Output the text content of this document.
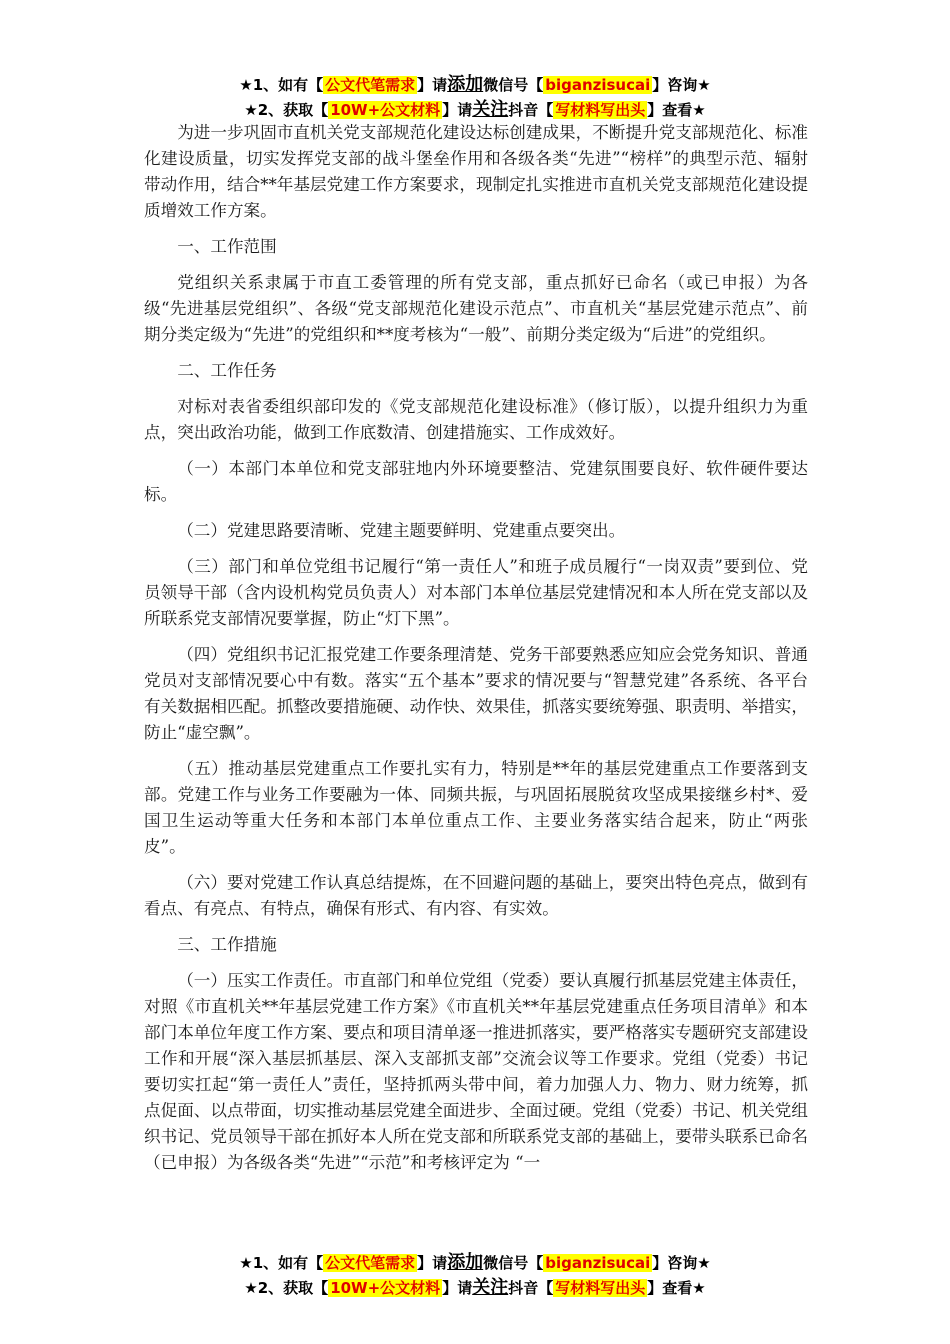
★1、如有【 公文代笔需求 】请添加微信号【 biganzisucai 】咨询★
★2、获取【 10W+公文材料 】请关注抖音【 写材料写出头 】查看★

为进一步巩固市直机关党支部规范化建设达标创建成果，不断提升党支部规范化、标准化建设质量，切实发挥党支部的战斗堡垒作用和各级各类“先进”“榜样”的典型示范、辐射带动作用，结合**年基层党建工作方案要求，现制定扎实推进市直机关党支部规范化建设提质增效工作方案。

一、工作范围

党组织关系隶属于市直工委管理的所有党支部，重点抓好已命名（或已申报）为各级“先进基层党组织”、各级“党支部规范化建设示范点”、市直机关“基层党建示范点”、前期分类定级为“先进”的党组织和**度考核为“一般”、前期分类定级为“后进”的党组织。

二、工作任务

对标对表省委组织部印发的《党支部规范化建设标准》（修订版），以提升组织力为重点，突出政治功能，做到工作底数清、创建措施实、工作成效好。

（一）本部门本单位和党支部驻地内外环境要整洁、党建氛围要良好、软件硬件要达标。

（二）党建思路要清晰、党建主题要鲜明、党建重点要突出。

（三）部门和单位党组书记履行“第一责任人”和班子成员履行“一岗双责”要到位、党员领导干部（含内设机构党员负责人）对本部门本单位基层党建情况和本人所在党支部以及所联系党支部情况要掌握，防止“灯下黑”。

（四）党组织书记汇报党建工作要条理清楚、党务干部要熟悉应知应会党务知识、普通党员对支部情况要心中有数。落实“五个基本”要求的情况要与“智慧党建”各系统、各平台有关数据相匹配。抓整改要措施硬、动作快、效果佳，抓落实要统筹强、职责明、举措实，防止“虚空飘”。

（五）推动基层党建重点工作要扎实有力，特别是**年的基层党建重点工作要落到支部。党建工作与业务工作要融为一体、同频共振，与巩固拓展脱贫攻坚成果接继乡村*、爱国卫生运动等重大任务和本部门本单位重点工作、主要业务落实结合起来，防止“两张皮”。

（六）要对党建工作认真总结提炼，在不回避问题的基础上，要突出特色亮点，做到有看点、有亮点、有特点，确保有形式、有内容、有实效。

三、工作措施

（一）压实工作责任。市直部门和单位党组（党委）要认真履行抓基层党建主体责任，对照《市直机关**年基层党建工作方案》《市直机关**年基层党建重点任务项目清单》和本部门本单位年度工作方案、要点和项目清单逐一推进抓落实，要严格落实专题研究支部建设工作和开展“深入基层抓基层、深入支部抓支部”交流会议等工作要求。党组（党委）书记要切实扛起“第一责任人”责任，坚持抓两头带中间，着力加强人力、物力、财力统筹，抓点促面、以点带面，切实推动基层党建全面进步、全面过硬。党组（党委）书记、机关党组织书记、党员领导干部在抓好本人所在党支部和所联系党支部的基础上，要带头联系已命名（已申报）为各级各类“先进”“示范”和考核评定为 “一

★1、如有【 公文代笔需求 】请添加微信号【 biganzisucai 】咨询★
★2、获取【 10W+公文材料 】请关注抖音【 写材料写出头 】查看★
